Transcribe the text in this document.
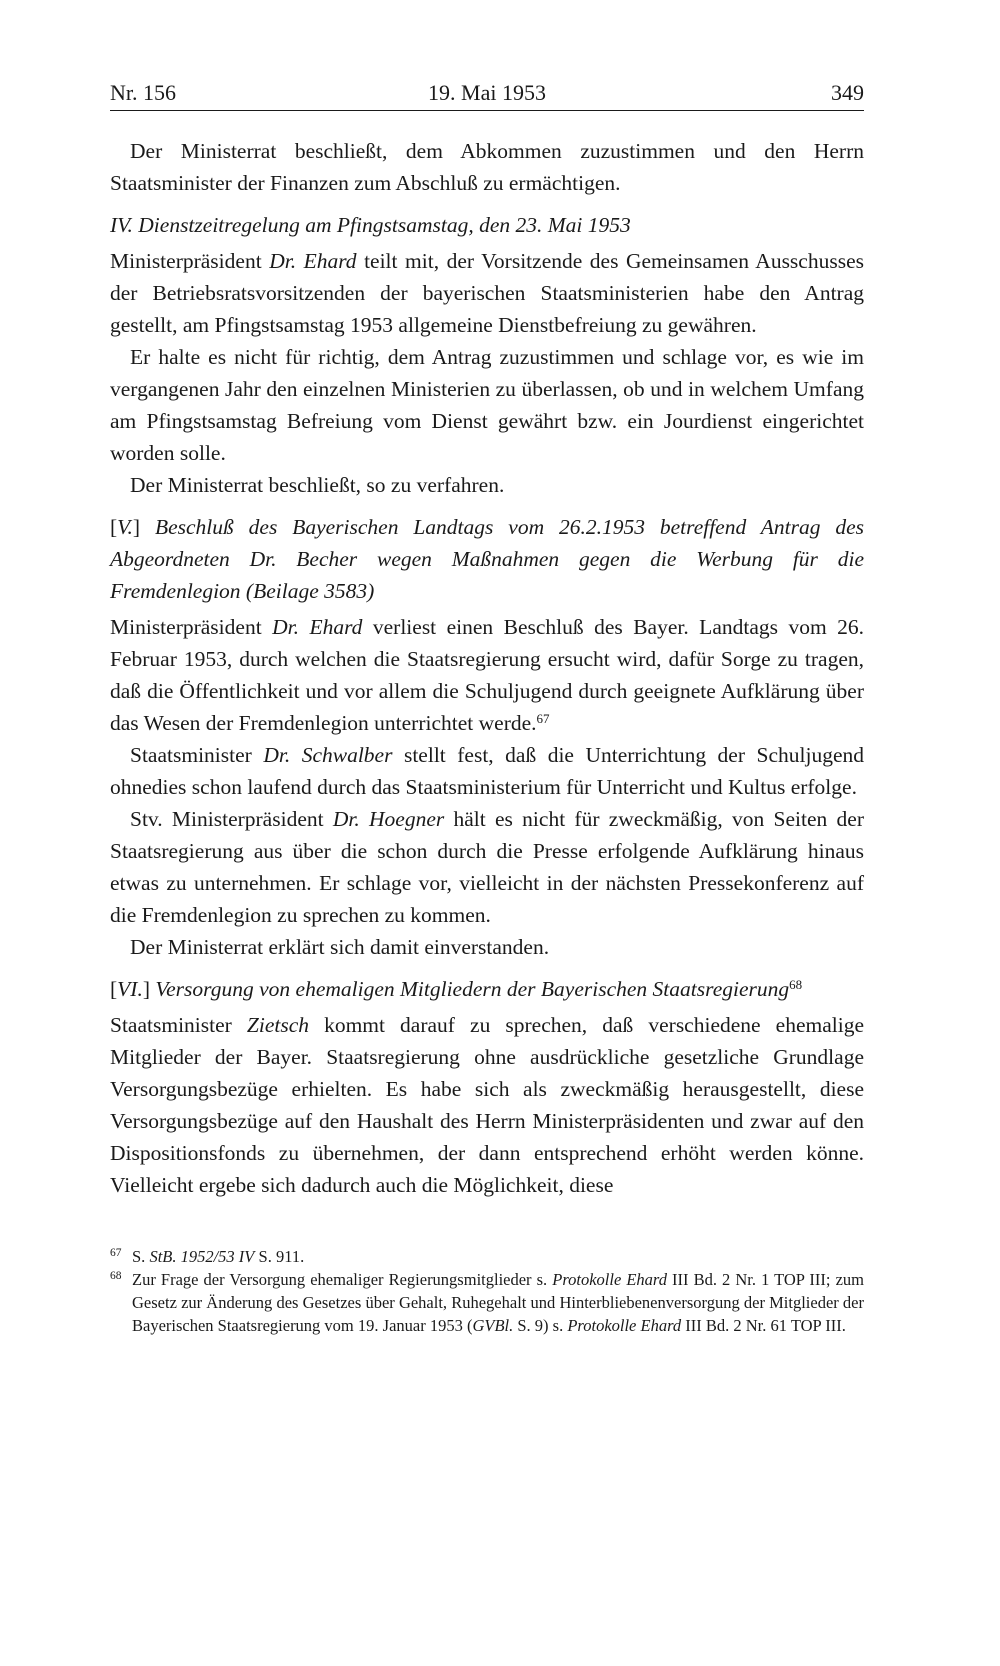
Nr. 156	19. Mai 1953	349

Der Ministerrat beschließt, dem Abkommen zuzustimmen und den Herrn Staatsminister der Finanzen zum Abschluß zu ermächtigen.

IV. Dienstzeitregelung am Pfingstsamstag, den 23. Mai 1953

Ministerpräsident Dr. Ehard teilt mit, der Vorsitzende des Gemeinsamen Ausschusses der Betriebsratsvorsitzenden der bayerischen Staatsministerien habe den Antrag gestellt, am Pfingstsamstag 1953 allgemeine Dienstbefreiung zu gewähren.

Er halte es nicht für richtig, dem Antrag zuzustimmen und schlage vor, es wie im vergangenen Jahr den einzelnen Ministerien zu überlassen, ob und in welchem Umfang am Pfingstsamstag Befreiung vom Dienst gewährt bzw. ein Jourdienst eingerichtet worden solle.

Der Ministerrat beschließt, so zu verfahren.

[V.] Beschluß des Bayerischen Landtags vom 26.2.1953 betreffend Antrag des Abgeordneten Dr. Becher wegen Maßnahmen gegen die Werbung für die Fremdenlegion (Beilage 3583)

Ministerpräsident Dr. Ehard verliest einen Beschluß des Bayer. Landtags vom 26. Februar 1953, durch welchen die Staatsregierung ersucht wird, dafür Sorge zu tragen, daß die Öffentlichkeit und vor allem die Schuljugend durch geeignete Aufklärung über das Wesen der Fremdenlegion unterrichtet werde.$^{67}$

Staatsminister Dr. Schwalber stellt fest, daß die Unterrichtung der Schuljugend ohnedies schon laufend durch das Staatsministerium für Unterricht und Kultus erfolge.

Stv. Ministerpräsident Dr. Hoegner hält es nicht für zweckmäßig, von Seiten der Staatsregierung aus über die schon durch die Presse erfolgende Aufklärung hinaus etwas zu unternehmen. Er schlage vor, vielleicht in der nächsten Pressekonferenz auf die Fremdenlegion zu sprechen zu kommen.

Der Ministerrat erklärt sich damit einverstanden.

[VI.] Versorgung von ehemaligen Mitgliedern der Bayerischen Staatsregierung$^{68}$

Staatsminister Zietsch kommt darauf zu sprechen, daß verschiedene ehemalige Mitglieder der Bayer. Staatsregierung ohne ausdrückliche gesetzliche Grundlage Versorgungsbezüge erhielten. Es habe sich als zweckmäßig herausgestellt, diese Versorgungsbezüge auf den Haushalt des Herrn Ministerpräsidenten und zwar auf den Dispositionsfonds zu übernehmen, der dann entsprechend erhöht werden könne. Vielleicht ergebe sich dadurch auch die Möglichkeit, diese

67 S. StB. 1952/53 IV S. 911.
68 Zur Frage der Versorgung ehemaliger Regierungsmitglieder s. Protokolle Ehard III Bd. 2 Nr. 1 TOP III; zum Gesetz zur Änderung des Gesetzes über Gehalt, Ruhegehalt und Hinterbliebenenversorgung der Mitglieder der Bayerischen Staatsregierung vom 19. Januar 1953 (GVBl. S. 9) s. Protokolle Ehard III Bd. 2 Nr. 61 TOP III.
